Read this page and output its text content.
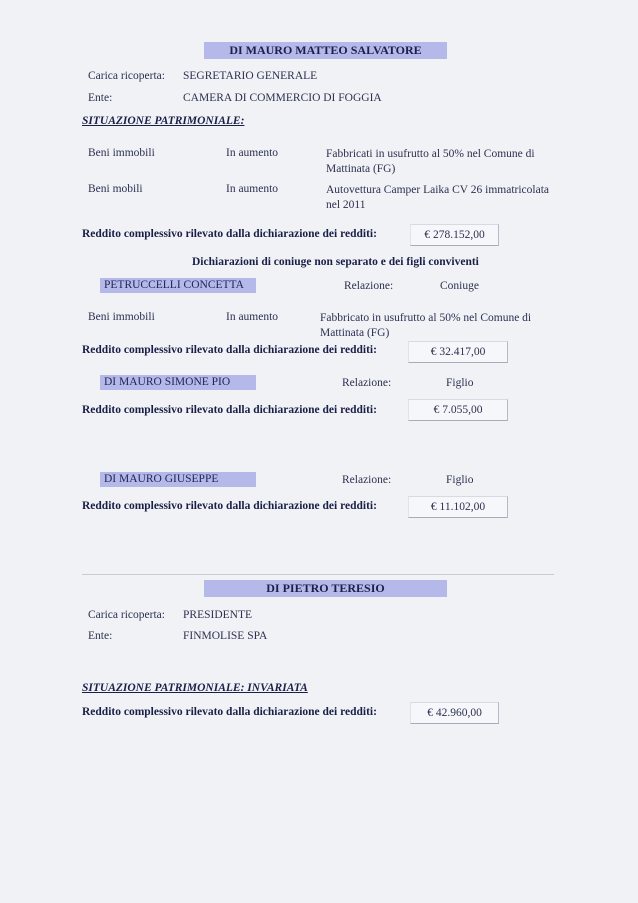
DI MAURO MATTEO SALVATORE
Carica ricoperta: SEGRETARIO GENERALE
Ente:	CAMERA DI COMMERCIO DI FOGGIA
SITUAZIONE PATRIMONIALE:
Beni immobili	In aumento	Fabbricati in usufrutto al 50% nel Comune di Mattinata (FG)
Beni mobili	In aumento	Autovettura Camper Laika CV 26 immatricolata nel 2011
Reddito complessivo rilevato dalla dichiarazione dei redditi:	€ 278.152,00
Dichiarazioni di coniuge non separato e dei figli conviventi
PETRUCCELLI CONCETTA	Relazione:	Coniuge
Beni immobili	In aumento	Fabbricato in usufrutto al 50% nel Comune di Mattinata (FG)
Reddito complessivo rilevato dalla dichiarazione dei redditi:	€ 32.417,00
DI MAURO SIMONE PIO	Relazione:	Figlio
Reddito complessivo rilevato dalla dichiarazione dei redditi:	€ 7.055,00
DI MAURO GIUSEPPE	Relazione:	Figlio
Reddito complessivo rilevato dalla dichiarazione dei redditi:	€ 11.102,00
DI PIETRO TERESIO
Carica ricoperta: PRESIDENTE
Ente:	FINMOLISE SPA
SITUAZIONE PATRIMONIALE: INVARIATA
Reddito complessivo rilevato dalla dichiarazione dei redditi:	€ 42.960,00
